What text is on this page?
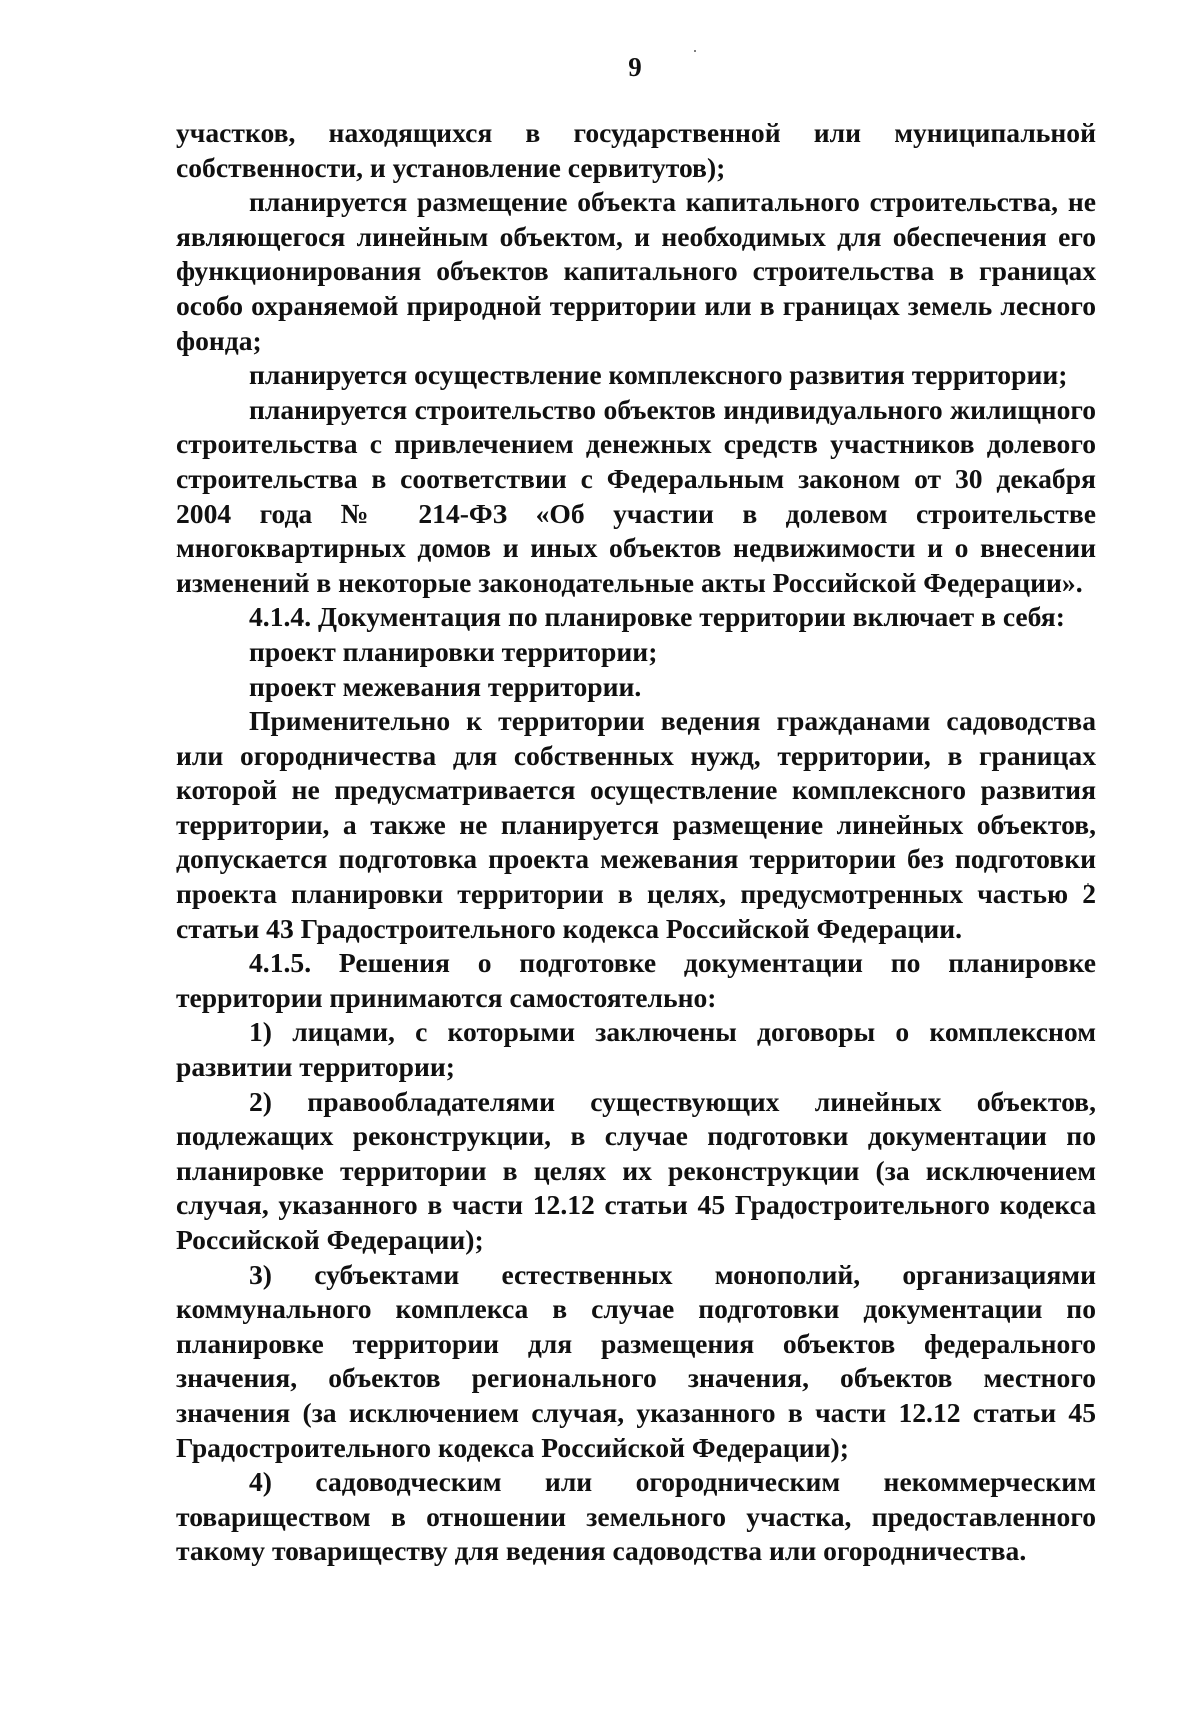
9

участков, находящихся в государственной или муниципальной собственности, и установление сервитутов);

планируется размещение объекта капитального строительства, не являющегося линейным объектом, и необходимых для обеспечения его функционирования объектов капитального строительства в границах особо охраняемой природной территории или в границах земель лесного фонда;

планируется осуществление комплексного развития территории;

планируется строительство объектов индивидуального жилищного строительства с привлечением денежных средств участников долевого строительства в соответствии с Федеральным законом от 30 декабря 2004 года № 214-ФЗ «Об участии в долевом строительстве многоквартирных домов и иных объектов недвижимости и о внесении изменений в некоторые законодательные акты Российской Федерации».

4.1.4. Документация по планировке территории включает в себя:

проект планировки территории;

проект межевания территории.

Применительно к территории ведения гражданами садоводства или огородничества для собственных нужд, территории, в границах которой не предусматривается осуществление комплексного развития территории, а также не планируется размещение линейных объектов, допускается подготовка проекта межевания территории без подготовки проекта планировки территории в целях, предусмотренных частью 2 статьи 43 Градостроительного кодекса Российской Федерации.

4.1.5. Решения о подготовке документации по планировке территории принимаются самостоятельно:

1) лицами, с которыми заключены договоры о комплексном развитии территории;

2) правообладателями существующих линейных объектов, подлежащих реконструкции, в случае подготовки документации по планировке территории в целях их реконструкции (за исключением случая, указанного в части 12.12 статьи 45 Градостроительного кодекса Российской Федерации);

3) субъектами естественных монополий, организациями коммунального комплекса в случае подготовки документации по планировке территории для размещения объектов федерального значения, объектов регионального значения, объектов местного значения (за исключением случая, указанного в части 12.12 статьи 45 Градостроительного кодекса Российской Федерации);

4) садоводческим или огородническим некоммерческим товариществом в отношении земельного участка, предоставленного такому товариществу для ведения садоводства или огородничества.
